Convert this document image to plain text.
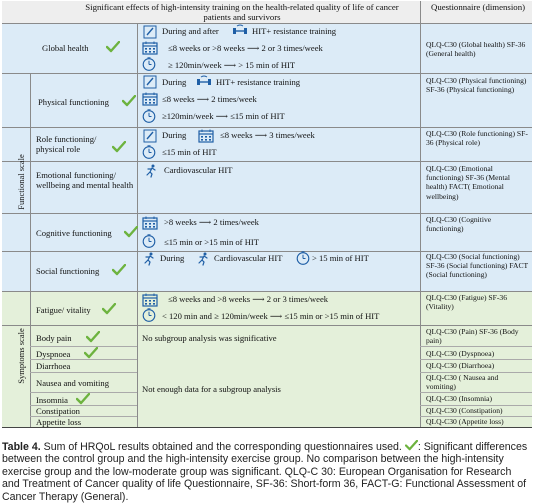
Significant effects of high-intensity training on the health-related quality of life of cancer patients and survivors
Questionnaire (dimension)
Functional scale
Symptoms scale
Global health
During and after	HIT+ resistance training
≤8 weeks or >8 weeks ⟶ 2 or 3 times/week
≥ 120min/week ⟶ > 15 min of HIT
QLQ-C30 (Global health) SF-36 (General health)
Physical functioning
During	HIT+ resistance training
≤8 weeks ⟶ 2 times/week
≥120min/week ⟶ ≤15 min of HIT
QLQ-C30 (Physical functioning) SF-36 (Physical functioning)
Role functioning/ physical role
During	≤8 weeks ⟶ 3 times/week
≤15 min of HIT
QLQ-C30 (Role functioning) SF-36 (Physical role)
Emotional functioning/ wellbeing and mental health
Cardiovascular HIT	QLQ-C30 (Emotional functioning) SF-36 (Mental health) FACT( Emotional wellbeing)
Cognitive functioning
>8 weeks ⟶ 2 times/week
≤15 min or >15 min of HIT
QLQ-C30 (Cognitive functioning)
Social functioning
During	Cardiovascular HIT	> 15 min of HIT	QLQ-C30 (Social functioning) SF-36 (Social functioning) FACT (Social functioning)
Fatigue/ vitality
≤8 weeks and >8 weeks ⟶ 2 or 3 times/week
< 120 min and ≥ 120min/week ⟶ ≤15 min or >15 min of HIT
QLQ-C30 (Fatigue) SF-36 (Vitality)
Body pain	No subgroup analysis was significative
QLQ-C30 (Pain) SF-36 (Body pain)
Dyspnoea	QLQ-C30 (Dyspnoea)
Diarrhoea	QLQ-C30 (Diarrhoea)
Nausea and vomiting
Not enough data for a subgroup analysis
QLQ-C30 ( Nausea and vomiting)
Insomnia	QLQ-C30 (Insomnia)
Constipation	QLQ-C30 (Constipation)
Appetite loss	QLQ-C30 (Appetite loss)
Table 4. Sum of HRQoL results obtained and the corresponding questionnaires used. : Significant differences between the control group and the high-intensity exercise group. No comparison between the high-intensity exercise group and the low-moderate group was significant. QLQ-C 30: European Organisation for Research and Treatment of Cancer quality of life Questionnaire, SF-36: Short-form 36, FACT-G: Functional Assessment of Cancer Therapy (General).
